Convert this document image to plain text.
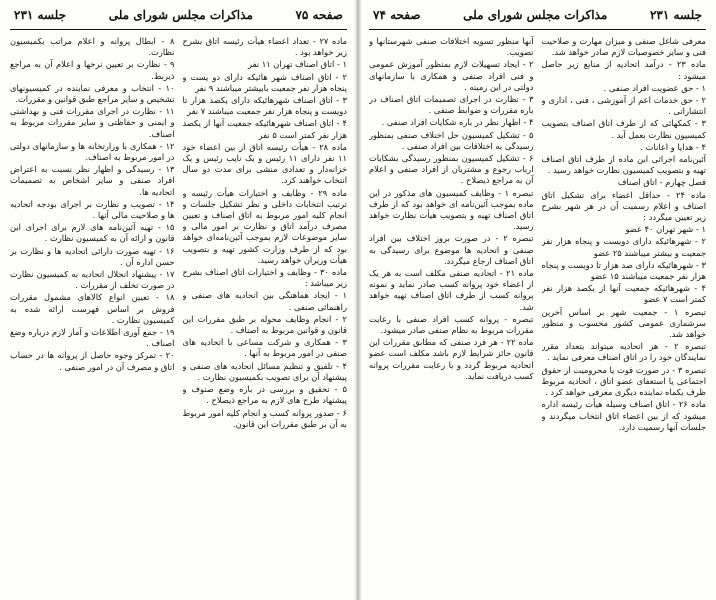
صفحه ۷۵
مذاکرات مجلس شورای ملی
جلسه ۲۳۱

ماده ۲۷ - تعداد اعضاء هیأت رئیسه اتاق بشرح زیر خواهد بود .

۱ - اتاق اصناف تهران ۱۱ نفر

۲ - اتاق اصناف شهر هائیکه دارای دو یست و پنجاه هزار نفر جمعیت بابیشتر میباشند ۹ نفر

۳ - اتاق اصناف شهرهائیکه دارای یکصد هزار تا دویست و پنجاه هزار نفر جمعیت میباشند ۷ نفر

۴ - اتاق اصناف شهرهائیکه جمعیت آنها از یکصد هزار نفر کمتر است ۵ نفر

ماده ۲۸ - هیأت رئیسه اتاق از بین اعضاء خود ۱۱ نفر دارای ۱۱ رئیس و یک نایب رئیس و یک خزانه‌دار و تعدادی منشی برای مدت دو سال انتخاب خواهند کرد.

ماده ۲۹ - وظایف و اختیارات هیأت رئیسه و ترتیب انتخابات داخلی و نظر تشکیل جلسات و انجام کلیه امور مربوط به اتاق اصناف و تعیین مصرف درآمد اتاق و نظارت بر امور مالی و سایر موضوعات لازم بموجب آئین‌نامه‌ای خواهد بود که از طرف وزارت کشور تهیه و بتصویب هیأت وزیران خواهد رسید.

ماده ۳۰ - وظایف و اختیارات اتاق اصناف بشرح زیر میباشد :

۱ - ایجاد هماهنگی بین اتحادیه های صنفی و راهنمائی صنفی .

۲ - انجام وظایف محوله بر طبق مقررات این قانون و قوانین مربوط به اصناف .

۳ - همکاری و شرکت مساعی با اتحادیه های صنفی در امور مربوط به آنها .

۴ - تلفیق و تنظیم مسائل اتحادیه های صنفی و پیشنهاد آن برای تصویب بکمیسیون نظارت .

۵ - تحقیق و بررسی در باره وضع صنوف و پیشنهاد طرح های لازم به مراجع ذیصلاح .

۶ - صدور پروانه کسب و انجام کلیه امور مربوط به آن بر طبق مقررات این قانون.

۸ - ابطال پروانه و اعلام مراتب بکمیسیون نظارت.

۹ - نظارت بر تعیین نرخها و اعلام آن به مراجع ذیربط.

۱۰ - انتخاب و معرفی نماینده در کمیسیونهای تشخیص و سایر مراجع طبق قوانین و مقررات.

۱۱ - نظارت در اجرای مقررات فنی و بهداشتی و ایمنی و حفاظتی و سایر مقررات مربوط به اصناف.

۱۲ - همکاری با وزارتخانه ها و سازمانهای دولتی در امور مربوط به اصناف.

۱۳ - رسیدگی و اظهار نظر نسبت به اعتراض افراد صنفی و سایر اشخاص به تصمیمات اتحادیه ها.

۱۴ - تصویب و نظارت بر اجرای بودجه اتحادیه ها و صلاحیت مالی آنها .

۱۵ - تهیه آئین‌نامه های لازم برای اجرای این قانون و ارائه آن به کمیسیون نظارت .

۱۶ - تهیه صورت دارائی اتحادیه ها و نظارت بر حسن اداره آن .

۱۷ - پیشنهاد انحلال اتحادیه به کمیسیون نظارت در صورت تخلف از مقررات .

۱۸ - تعیین انواع کالاهای مشمول مقررات فروش بر اساس فهرست ارائه شده به کمیسیون نظارت .

۱۹ - جمع آوری اطلاعات و آمار لازم درباره وضع اصناف .

۲۰ - تمرکز وجوه حاصل از پروانه ها در حساب اتاق و مصرف آن در امور صنفی .

جلسه ۲۳۱
مذاکرات مجلس شورای ملی
صفحه ۷۴

معرفی شاغل صنفی و میزان مهارت و صلاحیت فنی و سایر خصوصیات لازم صادر خواهد شد.

ماده ۲۳ - درآمد اتحادیه از منابع زیر حاصل میشود :

۱ - حق عضویت افراد صنفی .

۲ - حق خدمات اعم از آموزشی ، فنی ، اداری و انتشاراتی .

۳ - کمکهائی که از طرف اتاق اصناف بتصویب کمیسیون نظارت بعمل آید .

۴ - هدایا و اعانات .

آئین‌نامه اجرائی این ماده از طرف اتاق اصناف تهیه و بتصویب کمیسیون نظارت خواهد رسید .

فصل چهارم - اتاق اصناف

ماده ۲۴ - حداقل اعضاء برای تشکیل اتاق اصناف و اعلام رسمیت آن در هر شهر بشرح زیر تعیین میگردد :

۱ - شهر تهران ۴۰ عضو

۲ - شهرهائیکه دارای دویست و پنجاه هزار نفر جمعیت و بیشتر میباشند ۲۵ عضو

۳ - شهرهائیکه دارای صد هزار تا دویست و پنجاه هزار نفر جمعیت میباشند ۱۵ عضو

۴ - شهرهائیکه جمعیت آنها از یکصد هزار نفر کمتر است ۷ عضو

تبصره ۱ - جمعیت شهر بر اساس آخرین سرشماری عمومی کشور محسوب و منظور خواهد شد.

تبصره ۲ - هر اتحادیه میتواند بتعداد مقرر نمایندگان خود را در اتاق اصناف معرفی نماید .

تبصره ۳ - در صورت فوت یا محرومیت از حقوق اجتماعی یا استعفای عضو اتاق ، اتحادیه مربوط ظرف یکماه نماینده دیگری معرفی خواهد کرد .

ماده ۲۶ - اتاق اصناف وسیله هیأت رئیسه اداره میشود که از بین اعضاء اتاق انتخاب میگردند و جلسات آنها رسمیت دارد.

آنها منظور تسویه اختلافات صنفی شهرستانها و تصویب.

۲ - ایجاد تسهیلات لازم بمنظور آموزش عمومی و فنی افراد صنفی و همکاری با سازمانهای دولتی در این زمینه .

۳ - نظارت در اجرای تصمیمات اتاق اصناف در باره مقررات و ضوابط صنفی .

۴ - اظهار نظر در باره شکایات افراد صنفی .

۵ - تشکیل کمیسیون حل اختلاف صنفی بمنظور رسیدگی به اختلافات بین افراد صنفی .

۶ - تشکیل کمیسیون بمنظور رسیدگی بشکایات ارباب رجوع و مشتریان از افراد صنفی و اعلام آن به مراجع ذیصلاح .

تبصره ۱ - وظایف کمیسیون های مذکور در این ماده بموجب آئین‌نامه ای خواهد بود که از طرف اتاق اصناف تهیه و بتصویب هیأت نظارت خواهد رسید.

تبصره ۲ - در صورت بروز اختلاف بین افراد صنفی و اتحادیه ها موضوع برای رسیدگی به اتاق اصناف ارجاع میگردد.

ماده ۲۱ - اتحادیه صنفی مکلف است به هر یک از اعضاء خود پروانه کسب صادر نماید و نمونه پروانه کسب از طرف اتاق اصناف تهیه خواهد شد.

تبصره - پروانه کسب افراد صنفی با رعایت مقررات مربوط به نظام صنفی صادر میشود.

ماده ۲۲ - هر فرد صنفی که مطابق مقررات این قانون حائز شرایط لازم باشد مکلف است عضو اتحادیه مربوط گردد و با رعایت مقررات پروانه کسب دریافت نماید.
